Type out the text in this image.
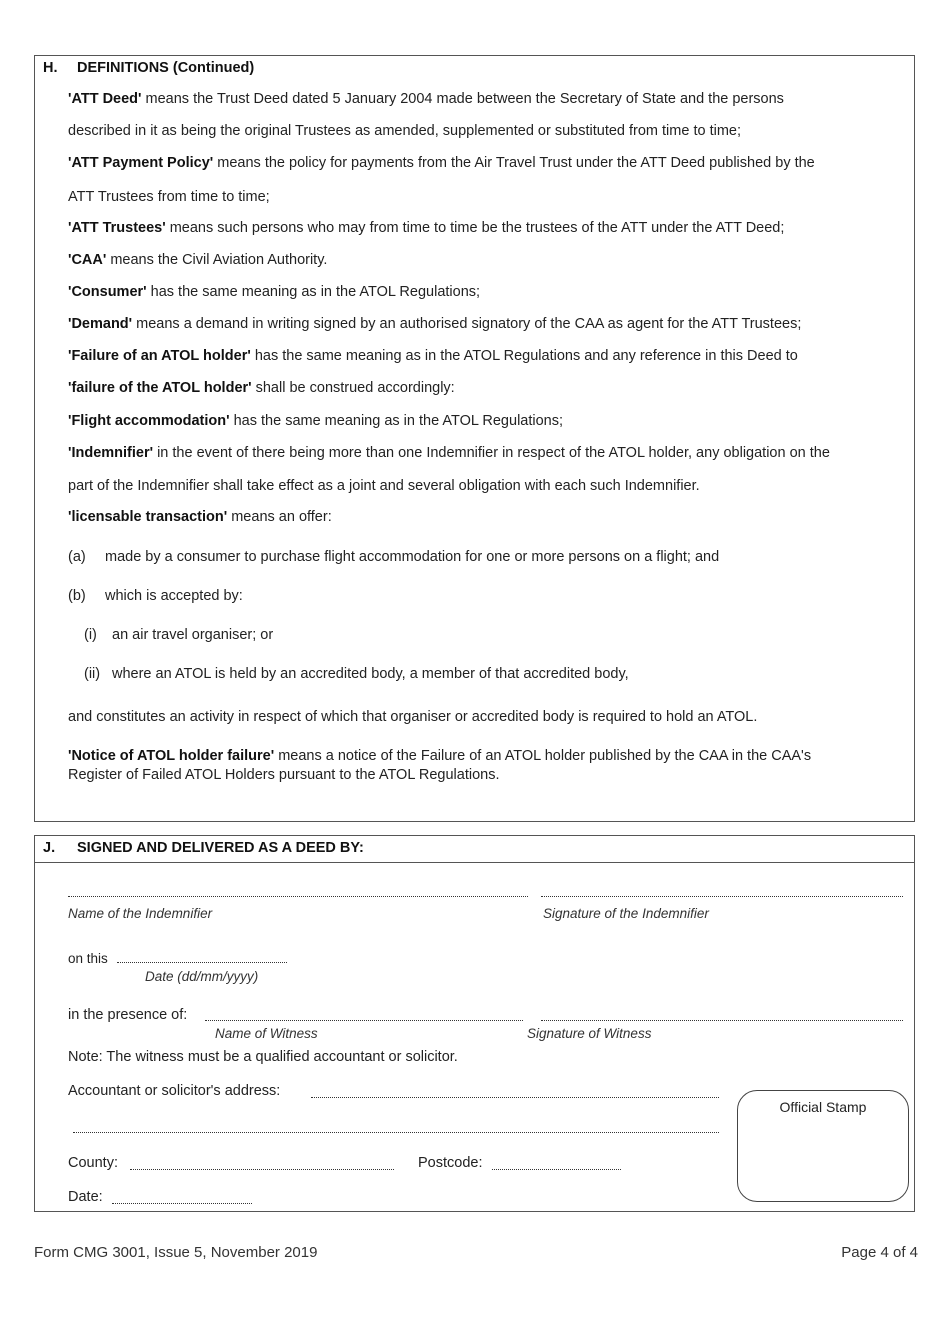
H. DEFINITIONS (Continued)
'ATT Deed' means the Trust Deed dated 5 January 2004 made between the Secretary of State and the persons
described in it as being the original Trustees as amended, supplemented or substituted from time to time;
'ATT Payment Policy' means the policy for payments from the Air Travel Trust under the ATT Deed published by the
ATT Trustees from time to time;
'ATT Trustees' means such persons who may from time to time be the trustees of the ATT under the ATT Deed;
'CAA' means the Civil Aviation Authority.
'Consumer' has the same meaning as in the ATOL Regulations;
'Demand' means a demand in writing signed by an authorised signatory of the CAA as agent for the ATT Trustees;
'Failure of an ATOL holder' has the same meaning as in the ATOL Regulations and any reference in this Deed to
'failure of the ATOL holder' shall be construed accordingly:
'Flight accommodation' has the same meaning as in the ATOL Regulations;
'Indemnifier' in the event of there being more than one Indemnifier in respect of the ATOL holder, any obligation on the
part of the Indemnifier shall take effect as a joint and several obligation with each such Indemnifier.
'licensable transaction' means an offer:
(a) made by a consumer to purchase flight accommodation for one or more persons on a flight; and
(b) which is accepted by:
(i) an air travel organiser; or
(ii) where an ATOL is held by an accredited body, a member of that accredited body,
and constitutes an activity in respect of which that organiser or accredited body is required to hold an ATOL.
'Notice of ATOL holder failure' means a notice of the Failure of an ATOL holder published by the CAA in the CAA's
Register of Failed ATOL Holders pursuant to the ATOL Regulations.
J. SIGNED AND DELIVERED AS A DEED BY:
Name of the Indemnifier	Signature of the Indemnifier
on this
Date (dd/mm/yyyy)
in the presence of:
Name of Witness	Signature of Witness
Note: The witness must be a qualified accountant or solicitor.
Accountant or solicitor's address:
County:	Postcode:
Date:
Official Stamp
Form CMG 3001, Issue 5, November 2019	Page 4 of 4
